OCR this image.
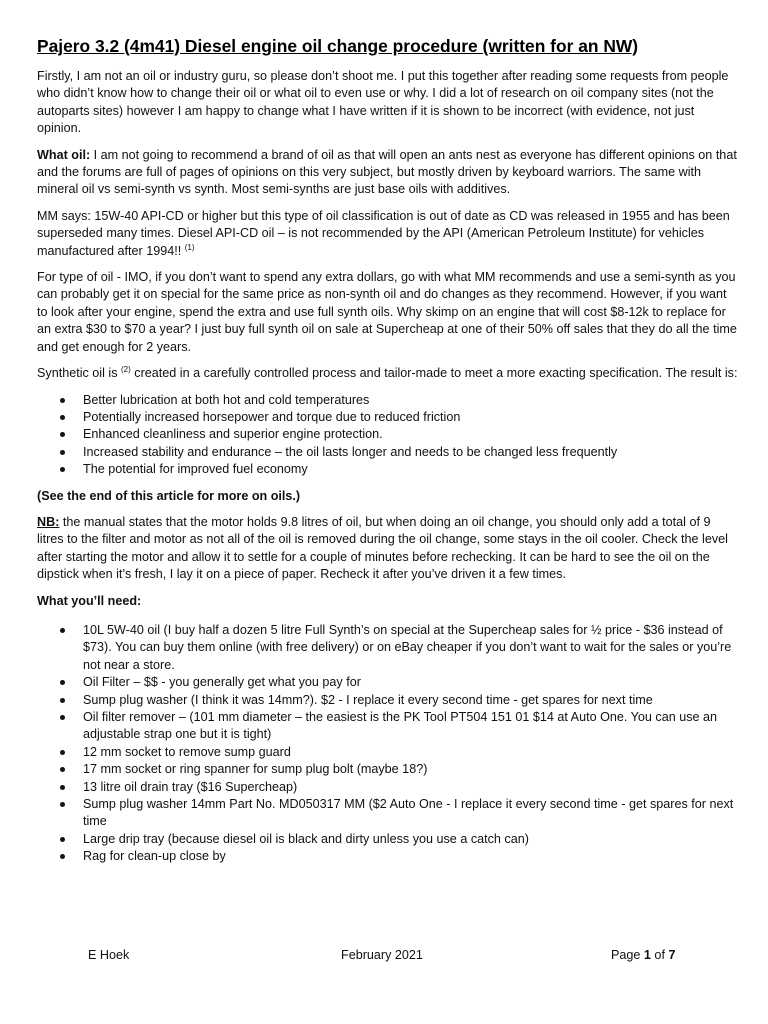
Pajero 3.2 (4m41) Diesel engine oil change procedure (written for an NW)

Firstly, I am not an oil or industry guru, so please don’t shoot me. I put this together after reading some requests from people who didn’t know how to change their oil or what oil to even use or why. I did a lot of research on oil company sites (not the autoparts sites) however I am happy to change what I have written if it is shown to be incorrect (with evidence, not just opinion.

What oil: I am not going to recommend a brand of oil as that will open an ants nest as everyone has different opinions on that and the forums are full of pages of opinions on this very subject, but mostly driven by keyboard warriors. The same with mineral oil vs semi-synth vs synth. Most semi-synths are just base oils with additives.

MM says: 15W-40 API-CD or higher but this type of oil classification is out of date as CD was released in 1955 and has been superseded many times. Diesel API-CD oil – is not recommended by the API (American Petroleum Institute) for vehicles manufactured after 1994!! $^{(1)}$

For type of oil - IMO, if you don’t want to spend any extra dollars, go with what MM recommends and use a semi-synth as you can probably get it on special for the same price as non-synth oil and do changes as they recommend. However, if you want to look after your engine, spend the extra and use full synth oils. Why skimp on an engine that will cost $8-12k to replace for an extra $30 to $70 a year? I just buy full synth oil on sale at Supercheap at one of their 50% off sales that they do all the time and get enough for 2 years.

Synthetic oil is $^{(2)}$ created in a carefully controlled process and tailor-made to meet a more exacting specification. The result is:

Better lubrication at both hot and cold temperatures
Potentially increased horsepower and torque due to reduced friction
Enhanced cleanliness and superior engine protection.
Increased stability and endurance – the oil lasts longer and needs to be changed less frequently
The potential for improved fuel economy

(See the end of this article for more on oils.)

NB: the manual states that the motor holds 9.8 litres of oil, but when doing an oil change, you should only add a total of 9 litres to the filter and motor as not all of the oil is removed during the oil change, some stays in the oil cooler. Check the level after starting the motor and allow it to settle for a couple of minutes before rechecking. It can be hard to see the oil on the dipstick when it’s fresh, I lay it on a piece of paper. Recheck it after you’ve driven it a few times.

What you’ll need:

10L 5W-40 oil (I buy half a dozen 5 litre Full Synth’s on special at the Supercheap sales for ½ price - $36 instead of $73). You can buy them online (with free delivery) or on eBay cheaper if you don’t want to wait for the sales or you’re not near a store.
Oil Filter – $$ - you generally get what you pay for
Sump plug washer (I think it was 14mm?). $2 - I replace it every second time - get spares for next time
Oil filter remover – (101 mm diameter – the easiest is the PK Tool PT504 151 01 $14 at Auto One. You can use an adjustable strap one but it is tight)
12 mm socket to remove sump guard
17 mm socket or ring spanner for sump plug bolt (maybe 18?)
13 litre oil drain tray ($16 Supercheap)
Sump plug washer 14mm Part No. MD050317 MM ($2 Auto One - I replace it every second time - get spares for next time
Large drip tray (because diesel oil is black and dirty unless you use a catch can)
Rag for clean-up close by
E Hoek	February 2021	Page 1 of 7
